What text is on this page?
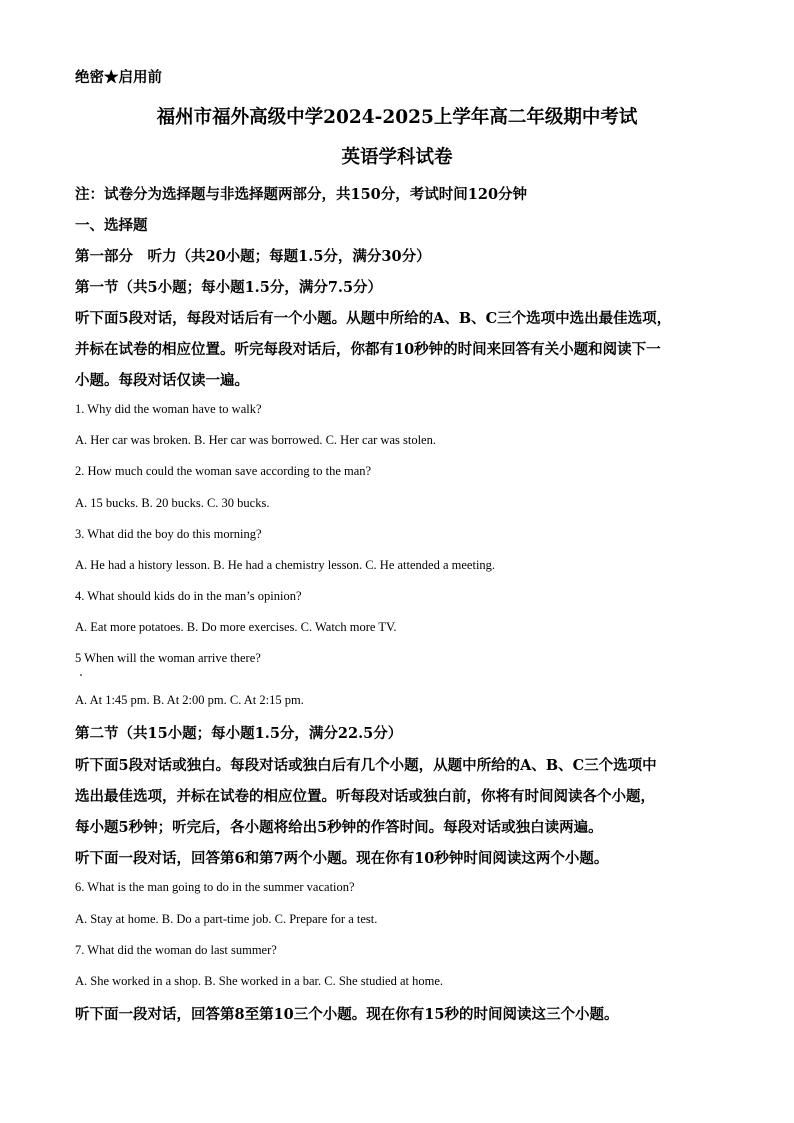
绝密★启用前
福州市福外高级中学2024-2025上学年高二年级期中考试
英语学科试卷
注：试卷分为选择题与非选择题两部分，共150分，考试时间120分钟
一、选择题
第一部分　听力（共20小题；每题1.5分，满分30分）
第一节（共5小题；每小题1.5分，满分7.5分）
听下面5段对话，每段对话后有一个小题。从题中所给的A、B、C三个选项中选出最佳选项，
并标在试卷的相应位置。听完每段对话后，你都有10秒钟的时间来回答有关小题和阅读下一
小题。每段对话仅读一遍。
1. Why did the woman have to walk?
A. Her car was broken. B. Her car was borrowed. C. Her car was stolen.
2. How much could the woman save according to the man?
A. 15 bucks. B. 20 bucks. C. 30 bucks.
3. What did the boy do this morning?
A. He had a history lesson. B. He had a chemistry lesson. C. He attended a meeting.
4. What should kids do in the man’s opinion?
A. Eat more potatoes. B. Do more exercises. C. Watch more TV.
5 When will the woman arrive there?
A. At 1:45 pm. B. At 2:00 pm. C. At 2:15 pm.
第二节（共15小题；每小题1.5分，满分22.5分）
听下面5段对话或独白。每段对话或独白后有几个小题，从题中所给的A、B、C三个选项中
选出最佳选项，并标在试卷的相应位置。听每段对话或独白前，你将有时间阅读各个小题，
每小题5秒钟；听完后，各小题将给出5秒钟的作答时间。每段对话或独白读两遍。
听下面一段对话，回答第6和第7两个小题。现在你有10秒钟时间阅读这两个小题。
6. What is the man going to do in the summer vacation?
A. Stay at home. B. Do a part-time job. C. Prepare for a test.
7. What did the woman do last summer?
A. She worked in a shop. B. She worked in a bar. C. She studied at home.
听下面一段对话，回答第8至第10三个小题。现在你有15秒的时间阅读这三个小题。
